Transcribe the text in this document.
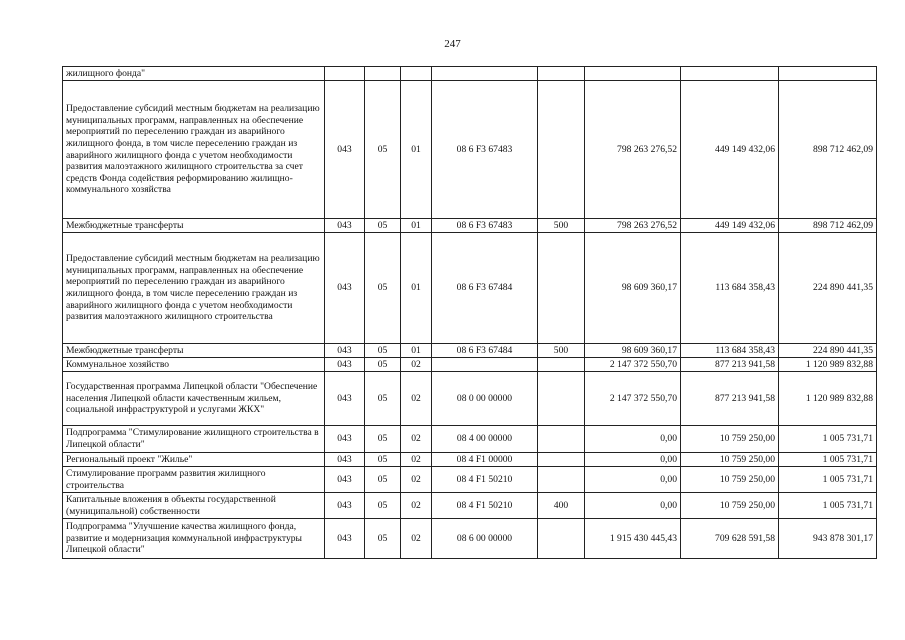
247
жилищного фонда"								
Предоставление субсидий местным бюджетам на реализацию муниципальных программ, направленных на обеспечение мероприятий по переселению граждан из аварийного жилищного фонда, в том числе переселению граждан из аварийного жилищного фонда с учетом необходимости развития малоэтажного жилищного строительства за счет средств Фонда содействия реформированию жилищно-коммунального хозяйства	043	05	01	08 6 F3 67483		798 263 276,52	449 149 432,06	898 712 462,09
Межбюджетные трансферты	043	05	01	08 6 F3 67483	500	798 263 276,52	449 149 432,06	898 712 462,09
Предоставление субсидий местным бюджетам на реализацию муниципальных программ, направленных на обеспечение мероприятий по переселению граждан из аварийного жилищного фонда, в том числе переселению граждан из аварийного жилищного фонда с учетом необходимости развития малоэтажного жилищного строительства	043	05	01	08 6 F3 67484		98 609 360,17	113 684 358,43	224 890 441,35
Межбюджетные трансферты	043	05	01	08 6 F3 67484	500	98 609 360,17	113 684 358,43	224 890 441,35
Коммунальное хозяйство	043	05	02			2 147 372 550,70	877 213 941,58	1 120 989 832,88
Государственная программа Липецкой области "Обеспечение населения Липецкой области качественным жильем, социальной инфраструктурой и услугами ЖКХ"	043	05	02	08 0 00 00000		2 147 372 550,70	877 213 941,58	1 120 989 832,88
Подпрограмма "Стимулирование жилищного строительства в Липецкой области"	043	05	02	08 4 00 00000		0,00	10 759 250,00	1 005 731,71
Региональный проект "Жилье"	043	05	02	08 4 F1 00000		0,00	10 759 250,00	1 005 731,71
Стимулирование программ развития жилищного строительства	043	05	02	08 4 F1 50210		0,00	10 759 250,00	1 005 731,71
Капитальные вложения в объекты государственной (муниципальной) собственности	043	05	02	08 4 F1 50210	400	0,00	10 759 250,00	1 005 731,71
Подпрограмма "Улучшение качества жилищного фонда, развитие и модернизация коммунальной инфраструктуры Липецкой области"	043	05	02	08 6 00 00000		1 915 430 445,43	709 628 591,58	943 878 301,17
